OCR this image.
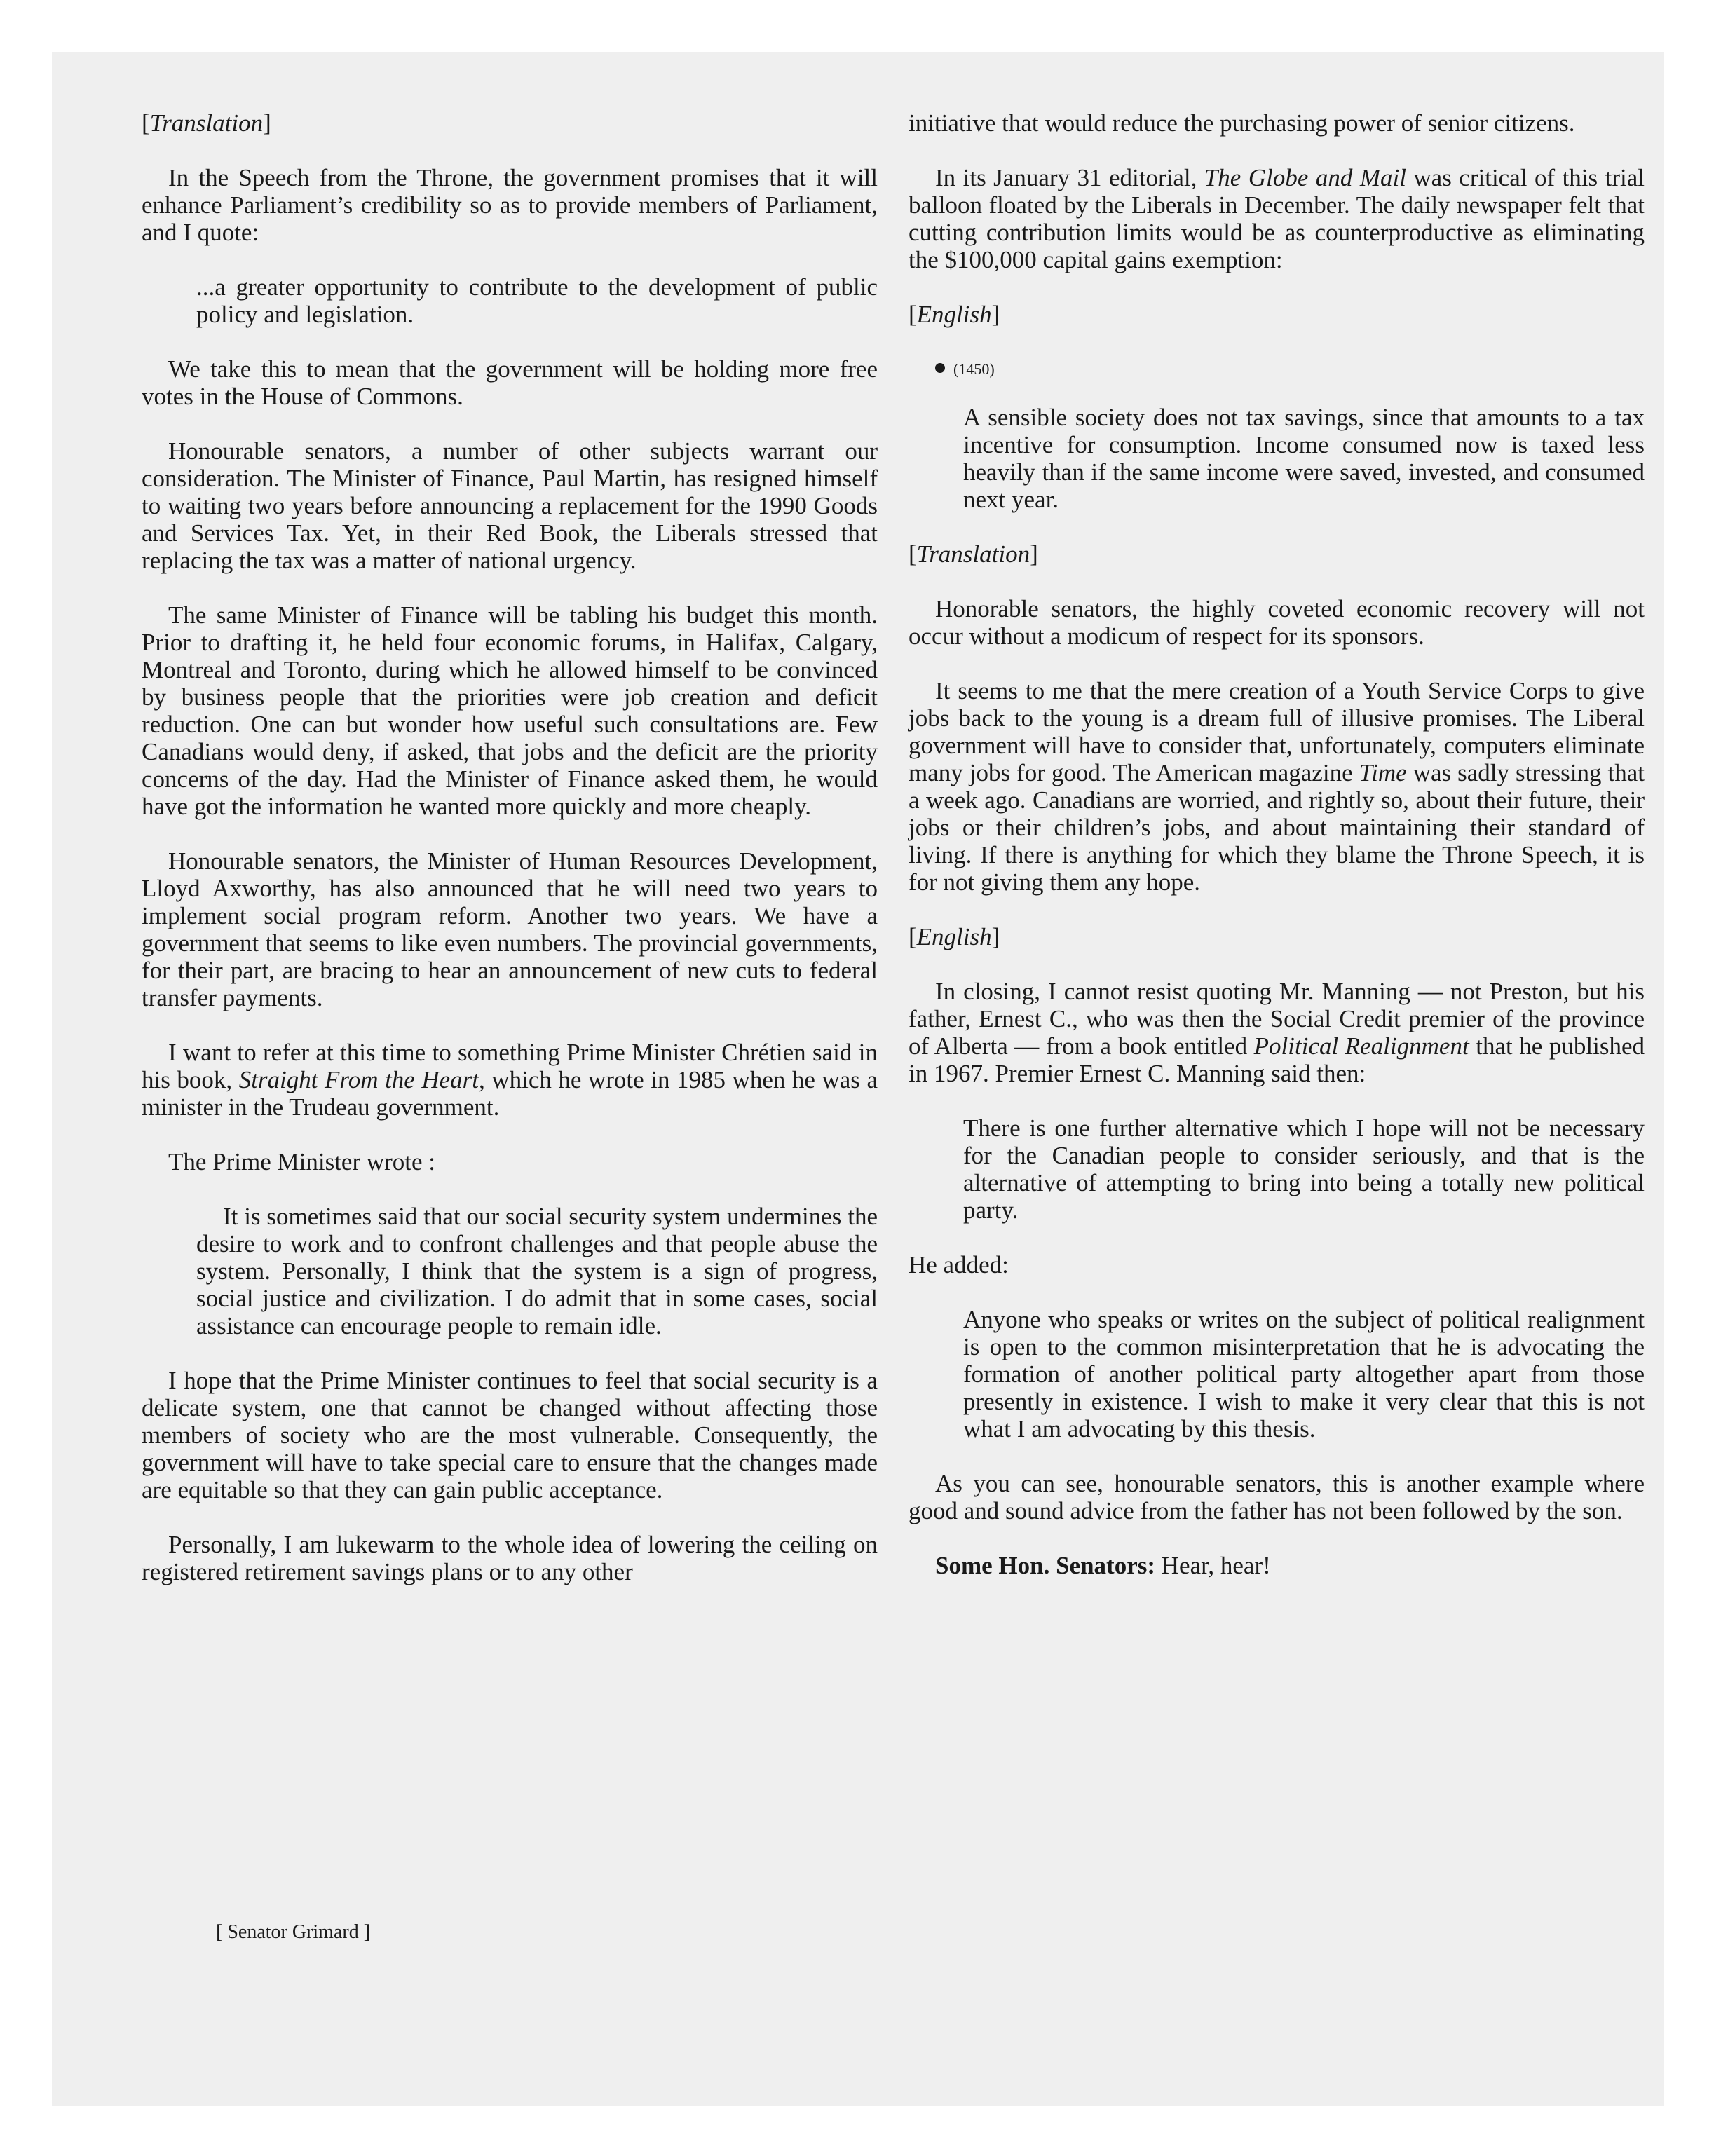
[Translation]

In the Speech from the Throne, the government promises that it will enhance Parliament’s credibility so as to provide members of Parliament, and I quote:

...a greater opportunity to contribute to the development of public policy and legislation.

We take this to mean that the government will be holding more free votes in the House of Commons.

Honourable senators, a number of other subjects warrant our consideration. The Minister of Finance, Paul Martin, has resigned himself to waiting two years before announcing a replacement for the 1990 Goods and Services Tax. Yet, in their Red Book, the Liberals stressed that replacing the tax was a matter of national urgency.

The same Minister of Finance will be tabling his budget this month. Prior to drafting it, he held four economic forums, in Halifax, Calgary, Montreal and Toronto, during which he allowed himself to be convinced by business people that the priorities were job creation and deficit reduction. One can but wonder how useful such consultations are. Few Canadians would deny, if asked, that jobs and the deficit are the priority concerns of the day. Had the Minister of Finance asked them, he would have got the information he wanted more quickly and more cheaply.

Honourable senators, the Minister of Human Resources Development, Lloyd Axworthy, has also announced that he will need two years to implement social program reform. Another two years. We have a government that seems to like even numbers. The provincial governments, for their part, are bracing to hear an announcement of new cuts to federal transfer payments.

I want to refer at this time to something Prime Minister Chrétien said in his book, Straight From the Heart, which he wrote in 1985 when he was a minister in the Trudeau government.

The Prime Minister wrote :

It is sometimes said that our social security system undermines the desire to work and to confront challenges and that people abuse the system. Personally, I think that the system is a sign of progress, social justice and civilization. I do admit that in some cases, social assistance can encourage people to remain idle.

I hope that the Prime Minister continues to feel that social security is a delicate system, one that cannot be changed without affecting those members of society who are the most vulnerable. Consequently, the government will have to take special care to ensure that the changes made are equitable so that they can gain public acceptance.

Personally, I am lukewarm to the whole idea of lowering the ceiling on registered retirement savings plans or to any other

initiative that would reduce the purchasing power of senior citizens.

In its January 31 editorial, The Globe and Mail was critical of this trial balloon floated by the Liberals in December. The daily newspaper felt that cutting contribution limits would be as counterproductive as eliminating the $100,000 capital gains exemption:

[English]

(1450)

A sensible society does not tax savings, since that amounts to a tax incentive for consumption. Income consumed now is taxed less heavily than if the same income were saved, invested, and consumed next year.

[Translation]

Honorable senators, the highly coveted economic recovery will not occur without a modicum of respect for its sponsors.

It seems to me that the mere creation of a Youth Service Corps to give jobs back to the young is a dream full of illusive promises. The Liberal government will have to consider that, unfortunately, computers eliminate many jobs for good. The American magazine Time was sadly stressing that a week ago. Canadians are worried, and rightly so, about their future, their jobs or their children’s jobs, and about maintaining their standard of living. If there is anything for which they blame the Throne Speech, it is for not giving them any hope.

[English]

In closing, I cannot resist quoting Mr. Manning — not Preston, but his father, Ernest C., who was then the Social Credit premier of the province of Alberta — from a book entitled Political Realignment that he published in 1967. Premier Ernest C. Manning said then:

There is one further alternative which I hope will not be necessary for the Canadian people to consider seriously, and that is the alternative of attempting to bring into being a totally new political party.

He added:

Anyone who speaks or writes on the subject of political realignment is open to the common misinterpretation that he is advocating the formation of another political party altogether apart from those presently in existence. I wish to make it very clear that this is not what I am advocating by this thesis.

As you can see, honourable senators, this is another example where good and sound advice from the father has not been followed by the son.

Some Hon. Senators: Hear, hear!

[ Senator Grimard ]
